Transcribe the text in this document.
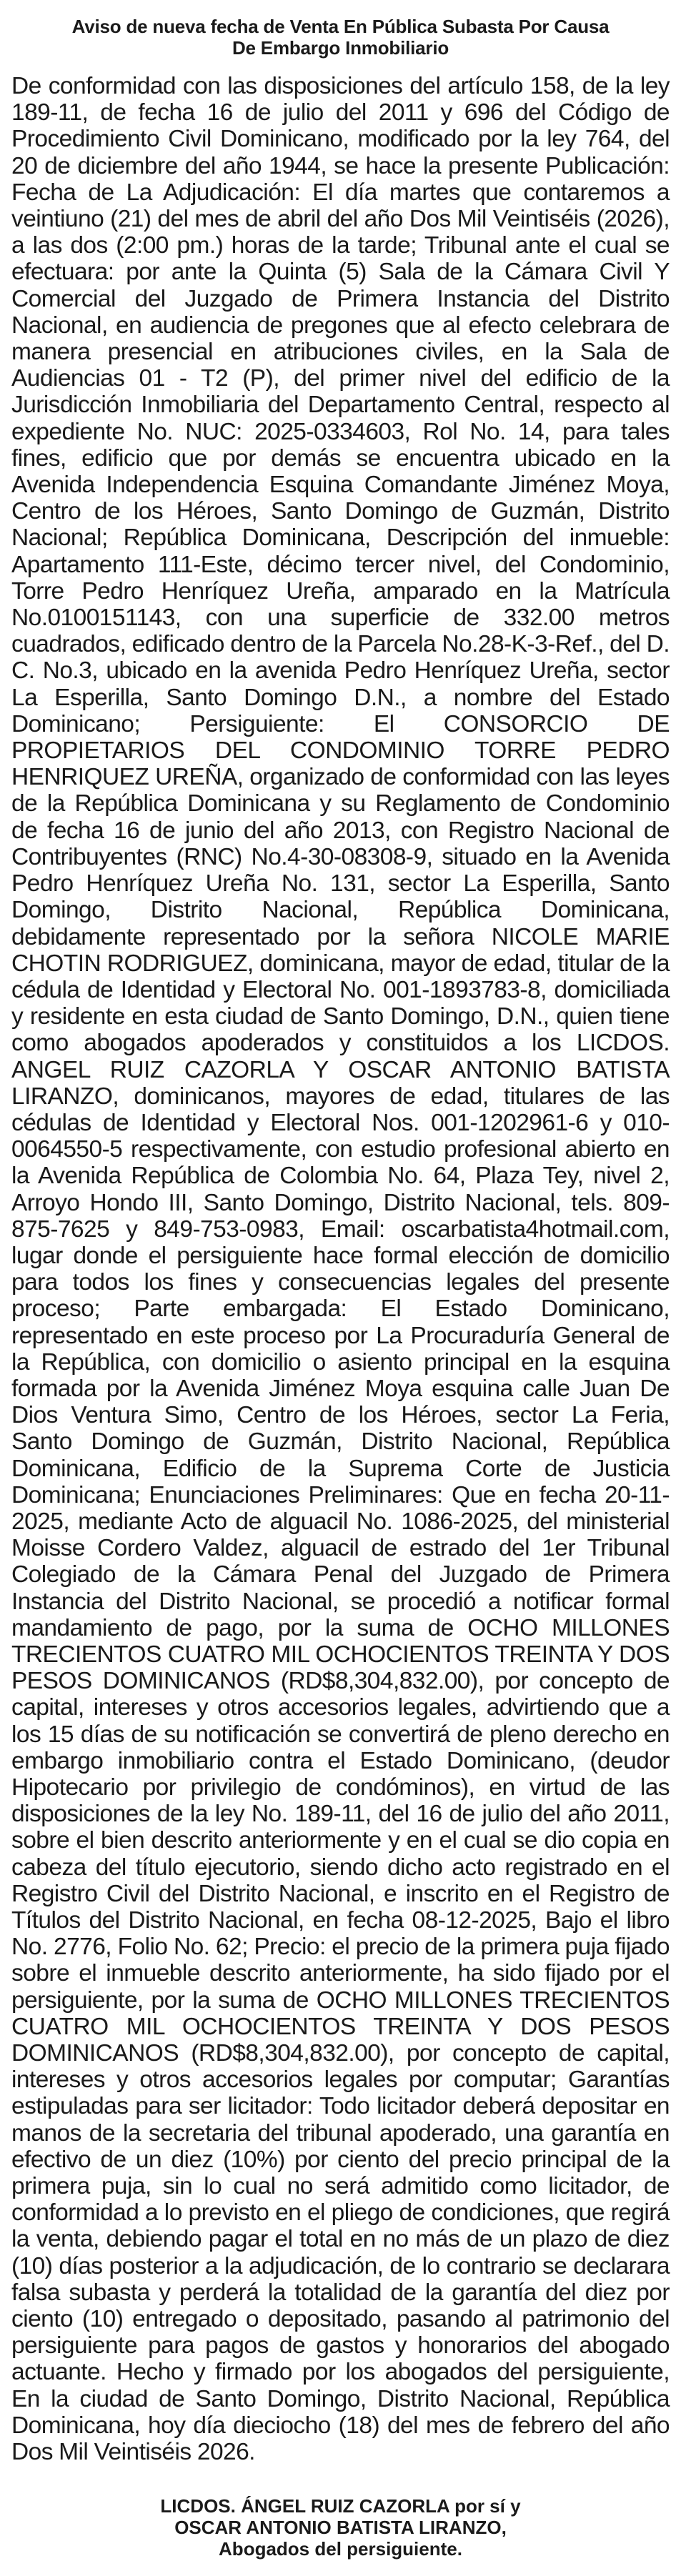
Aviso de nueva fecha de Venta En Pública Subasta Por Causa
De Embargo Inmobiliario

De conformidad con las disposiciones del artículo 158, de la ley 189-11, de fecha 16 de julio del 2011 y 696 del Código de Procedimiento Civil Dominicano, modificado por la ley 764, del 20 de diciembre del año 1944, se hace la presente Publicación: Fecha de La Adjudicación: El día martes que contaremos a veintiuno (21) del mes de abril del año Dos Mil Veintiséis (2026), a las dos (2:00 pm.) horas de la tarde; Tribunal ante el cual se efectuara: por ante la Quinta (5) Sala de la Cámara Civil Y Comercial del Juzgado de Primera Instancia del Distrito Nacional, en audiencia de pregones que al efecto celebrara de manera presencial en atribuciones civiles, en la Sala de Audiencias 01 - T2 (P), del primer nivel del edificio de la Jurisdicción Inmobiliaria del Departamento Central, respecto al expediente No. NUC: 2025-0334603, Rol No. 14, para tales fines, edificio que por demás se encuentra ubicado en la Avenida Independencia Esquina Comandante Jiménez Moya, Centro de los Héroes, Santo Domingo de Guzmán, Distrito Nacional; República Dominicana, Descripción del inmueble: Apartamento 111-Este, décimo tercer nivel, del Condominio, Torre Pedro Henríquez Ureña, amparado en la Matrícula No.0100151143, con una superficie de 332.00 metros cuadrados, edificado dentro de la Parcela No.28-K-3-Ref., del D. C. No.3, ubicado en la avenida Pedro Henríquez Ureña, sector La Esperilla, Santo Domingo D.N., a nombre del Estado Dominicano; Persiguiente: El CONSORCIO DE PROPIETARIOS DEL CONDOMINIO TORRE PEDRO HENRIQUEZ UREÑA, organizado de conformidad con las leyes de la República Dominicana y su Reglamento de Condominio de fecha 16 de junio del año 2013, con Registro Nacional de Contribuyentes (RNC) No.4-30-08308-9, situado en la Avenida Pedro Henríquez Ureña No. 131, sector La Esperilla, Santo Domingo, Distrito Nacional, República Dominicana, debidamente representado por la señora NICOLE MARIE CHOTIN RODRIGUEZ, dominicana, mayor de edad, titular de la cédula de Identidad y Electoral No. 001-1893783-8, domiciliada y residente en esta ciudad de Santo Domingo, D.N., quien tiene como abogados apoderados y constituidos a los LICDOS. ANGEL RUIZ CAZORLA Y OSCAR ANTONIO BATISTA LIRANZO, dominicanos, mayores de edad, titulares de las cédulas de Identidad y Electoral Nos. 001-1202961-6 y 010-0064550-5 respectivamente, con estudio profesional abierto en la Avenida República de Colombia No. 64, Plaza Tey, nivel 2, Arroyo Hondo III, Santo Domingo, Distrito Nacional, tels. 809-875-7625 y 849-753-0983, Email: oscarbatista4hotmail.com, lugar donde el persiguiente hace formal elección de domicilio para todos los fines y consecuencias legales del presente proceso; Parte embargada: El Estado Dominicano, representado en este proceso por La Procuraduría General de la República, con domicilio o asiento principal en la esquina formada por la Avenida Jiménez Moya esquina calle Juan De Dios Ventura Simo, Centro de los Héroes, sector La Feria, Santo Domingo de Guzmán, Distrito Nacional, República Dominicana, Edificio de la Suprema Corte de Justicia Dominicana; Enunciaciones Preliminares: Que en fecha 20-11-2025, mediante Acto de alguacil No. 1086-2025, del ministerial Moisse Cordero Valdez, alguacil de estrado del 1er Tribunal Colegiado de la Cámara Penal del Juzgado de Primera Instancia del Distrito Nacional, se procedió a notificar formal mandamiento de pago, por la suma de OCHO MILLONES TRECIENTOS CUATRO MIL OCHOCIENTOS TREINTA Y DOS PESOS DOMINICANOS (RD$8,304,832.00), por concepto de capital, intereses y otros accesorios legales, advirtiendo que a los 15 días de su notificación se convertirá de pleno derecho en embargo inmobiliario contra el Estado Dominicano, (deudor Hipotecario por privilegio de condóminos), en virtud de las disposiciones de la ley No. 189-11, del 16 de julio del año 2011, sobre el bien descrito anteriormente y en el cual se dio copia en cabeza del título ejecutorio, siendo dicho acto registrado en el Registro Civil del Distrito Nacional, e inscrito en el Registro de Títulos del Distrito Nacional, en fecha 08-12-2025, Bajo el libro No. 2776, Folio No. 62; Precio: el precio de la primera puja fijado sobre el inmueble descrito anteriormente, ha sido fijado por el persiguiente, por la suma de OCHO MILLONES TRECIENTOS CUATRO MIL OCHOCIENTOS TREINTA Y DOS PESOS DOMINICANOS (RD$8,304,832.00), por concepto de capital, intereses y otros accesorios legales por computar; Garantías estipuladas para ser licitador: Todo licitador deberá depositar en manos de la secretaria del tribunal apoderado, una garantía en efectivo de un diez (10%) por ciento del precio principal de la primera puja, sin lo cual no será admitido como licitador, de conformidad a lo previsto en el pliego de condiciones, que regirá la venta, debiendo pagar el total en no más de un plazo de diez (10) días posterior a la adjudicación, de lo contrario se declarara falsa subasta y perderá la totalidad de la garantía del diez por ciento (10) entregado o depositado, pasando al patrimonio del persiguiente para pagos de gastos y honorarios del abogado actuante. Hecho y firmado por los abogados del persiguiente, En la ciudad de Santo Domingo, Distrito Nacional, República Dominicana, hoy día dieciocho (18) del mes de febrero del año Dos Mil Veintiséis 2026.

LICDOS. ÁNGEL RUIZ CAZORLA por sí y
OSCAR ANTONIO BATISTA LIRANZO,
Abogados del persiguiente.
